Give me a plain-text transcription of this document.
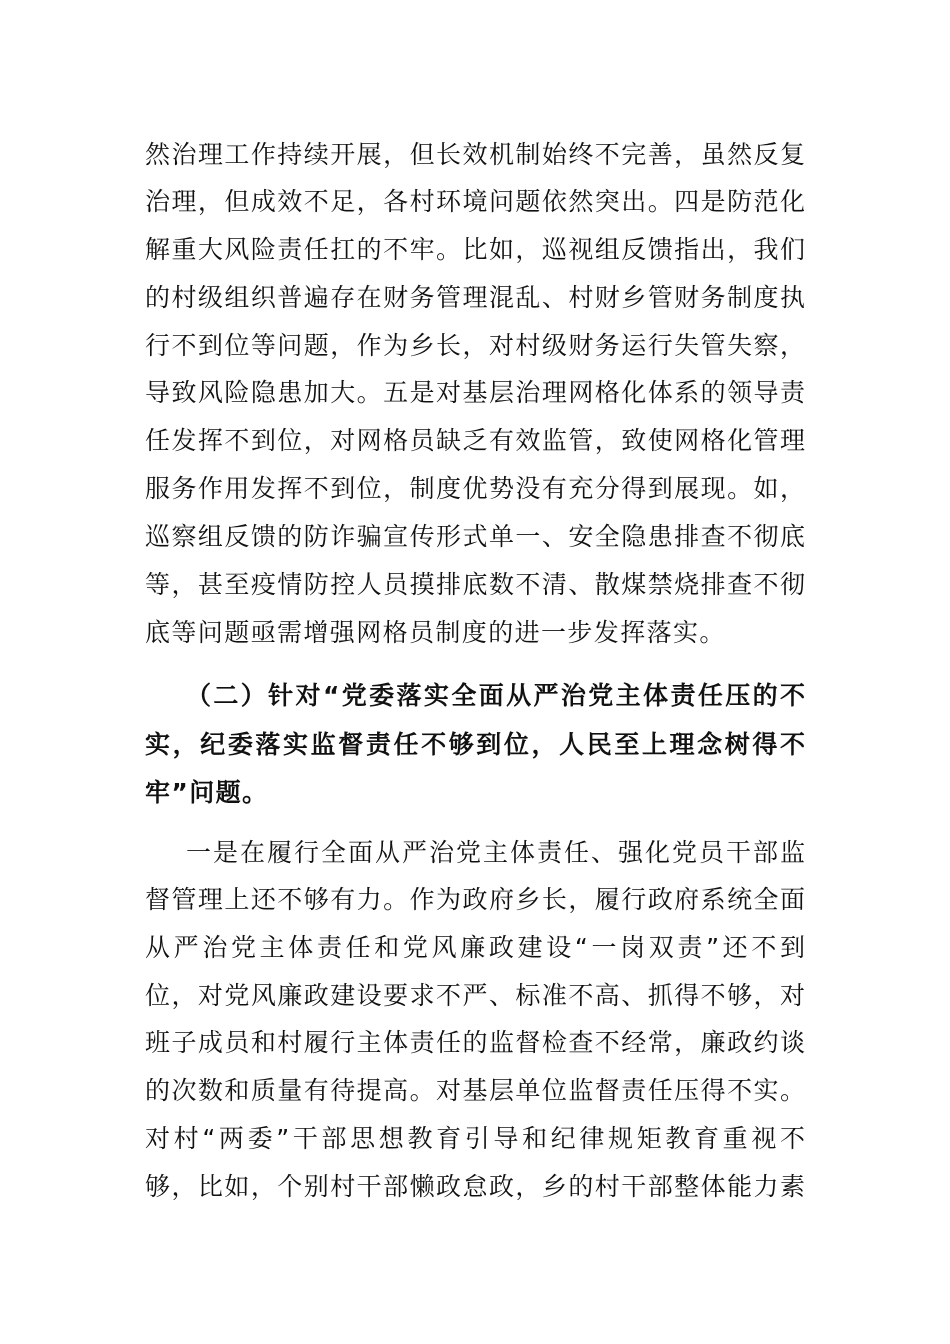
然治理工作持续开展，但长效机制始终不完善，虽然反复
治理，但成效不足，各村环境问题依然突出。四是防范化
解重大风险责任扛的不牢。比如，巡视组反馈指出，我们
的村级组织普遍存在财务管理混乱、村财乡管财务制度执
行不到位等问题，作为乡长，对村级财务运行失管失察，
导致风险隐患加大。五是对基层治理网格化体系的领导责
任发挥不到位，对网格员缺乏有效监管，致使网格化管理
服务作用发挥不到位，制度优势没有充分得到展现。如，
巡察组反馈的防诈骗宣传形式单一、安全隐患排查不彻底
等，甚至疫情防控人员摸排底数不清、散煤禁烧排查不彻
底等问题亟需增强网格员制度的进一步发挥落实。
（二）针对“党委落实全面从严治党主体责任压的不
实，纪委落实监督责任不够到位，人民至上理念树得不
牢”问题。
一是在履行全面从严治党主体责任、强化党员干部监
督管理上还不够有力。作为政府乡长，履行政府系统全面
从严治党主体责任和党风廉政建设“一岗双责”还不到
位，对党风廉政建设要求不严、标准不高、抓得不够，对
班子成员和村履行主体责任的监督检查不经常，廉政约谈
的次数和质量有待提高。对基层单位监督责任压得不实。
对村“两委”干部思想教育引导和纪律规矩教育重视不
够，比如，个别村干部懒政怠政，乡的村干部整体能力素
